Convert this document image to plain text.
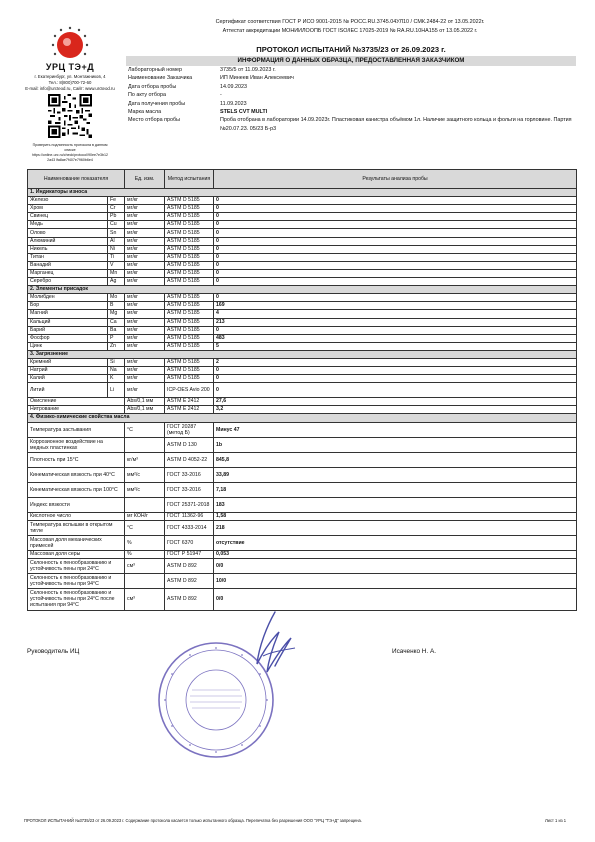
Сертификат соответствия ГОСТ Р ИСО 9001-2015 № РОСС.RU.3745.04УЛ10 / СМК.2484-22 от 13.05.2022г.
Аттестат аккредитации МОНИИЛООПБ ГОСТ ISO/IEC 17025-2019 № RA.RU.10НА155 от 13.05.2022 г.
УРЦ ТЭ+Д
г. Екатеринбург, ул. Монтажников, 4
Тел.: 8(800)700-72-60
E-mail: info@urcteod.ru, Сайт: www.urcteod.ru
Проверить подлинность протокола в данном
списке
https://online-urc.ru/check/protocol/90ee7e3b12
2a43 lfa8ae7f407e7960b6e4
ПРОТОКОЛ ИСПЫТАНИЙ №3735/23 от 26.09.2023 г.
ИНФОРМАЦИЯ О ДАННЫХ ОБРАЗЦА, ПРЕДОСТАВЛЕННАЯ ЗАКАЗЧИКОМ
Лабораторный номер	3735/5 от 11.09.2023 г.
Наименование Заказчика	ИП Минеев Иван Алексеевич
Дата отбора пробы	14.09.2023
По акту отбора	-
Дата получения пробы	11.09.2023
Марка масла	STELS CVT MULTI
Место отбора пробы	Проба отобрана в лаборатории 14.09.2023г. Пластиковая канистра объёмом 1л. Наличие защитного кольца и фольги на горловине. Партия №20.07.23. 05/23 Б-р3
Наименование показателя		Ед. изм.	Метод испытания	Результаты анализа пробы
1. Индикаторы износа				
Железо	Fe	мг/кг	ASTM D 5185	0
Хром	Cr	мг/кг	ASTM D 5185	0
Свинец	Pb	мг/кг	ASTM D 5185	0
Медь	Cu	мг/кг	ASTM D 5185	0
Олово	Sn	мг/кг	ASTM D 5185	0
Алюминий	Al	мг/кг	ASTM D 5185	0
Никель	Ni	мг/кг	ASTM D 5185	0
Титан	Ti	мг/кг	ASTM D 5185	0
Ванадий	V	мг/кг	ASTM D 5185	0
Марганец	Mn	мг/кг	ASTM D 5185	0
Серебро	Ag	мг/кг	ASTM D 5185	0
2. Элементы присадок				
Молибден	Mo	мг/кг	ASTM D 5185	0
Бор	B	мг/кг	ASTM D 5185	169
Магний	Mg	мг/кг	ASTM D 5185	4
Кальций	Ca	мг/кг	ASTM D 5185	213
Барий	Ba	мг/кг	ASTM D 5185	0
Фосфор	P	мг/кг	ASTM D 5185	483
Цинк	Zn	мг/кг	ASTM D 5185	5
3. Загрязнение				
Кремний	Si	мг/кг	ASTM D 5185	2
Натрий	Na	мг/кг	ASTM D 5185	0
Калий	K	мг/кг	ASTM D 5185	0
Литий	Li	мг/кг	ICP-OES Avio 200	0
Окисление		Abs/0,1 мм	ASTM E 2412	27,6
Нитрование		Abs/0,1 мм	ASTM E 2412	3,2
4. Физико-химические свойства масла				
Температура застывания		°C	ГОСТ 20287 (метод Б)	Минус 47
Коррозионное воздействие на медных пластинках			ASTM D 130	1b
Плотность при 15°C		кг/м³	ASTM D 4052-22	845,8
Кинематическая вязкость при 40°C		мм²/с	ГОСТ 33-2016	33,89
Кинематическая вязкость при 100°C		мм²/с	ГОСТ 33-2016	7,18
Индекс вязкости			ГОСТ 25371-2018	183
Кислотное число		мг КОН/г	ГОСТ 11362-96	1,58
Температура вспышки в открытом тигле		°C	ГОСТ 4333-2014	218
Массовая доля механических примесей		%	ГОСТ 6370	отсутствие
Массовая доля серы		%	ГОСТ Р 51947	0,053
Склонность к пенообразованию и устойчивость пены при 24°C		см³	ASTM D 892	0/0
Склонность к пенообразованию и устойчивость пены при 94°C			ASTM D 892	10/0
Склонность к пенообразованию и устойчивость пены при 24°C после испытания при 94°C		см³	ASTM D 892	0/0
Руководитель ИЦ	Исаченко Н. А.
ПРОТОКОЛ ИСПЫТАНИЙ №3735/23 от 26.09.2023 г. Содержание протокола касается только испытанного образца. Перепечатка без разрешения ООО "УРЦ "ТЭ+Д" запрещена.	Лист 1 из 1
